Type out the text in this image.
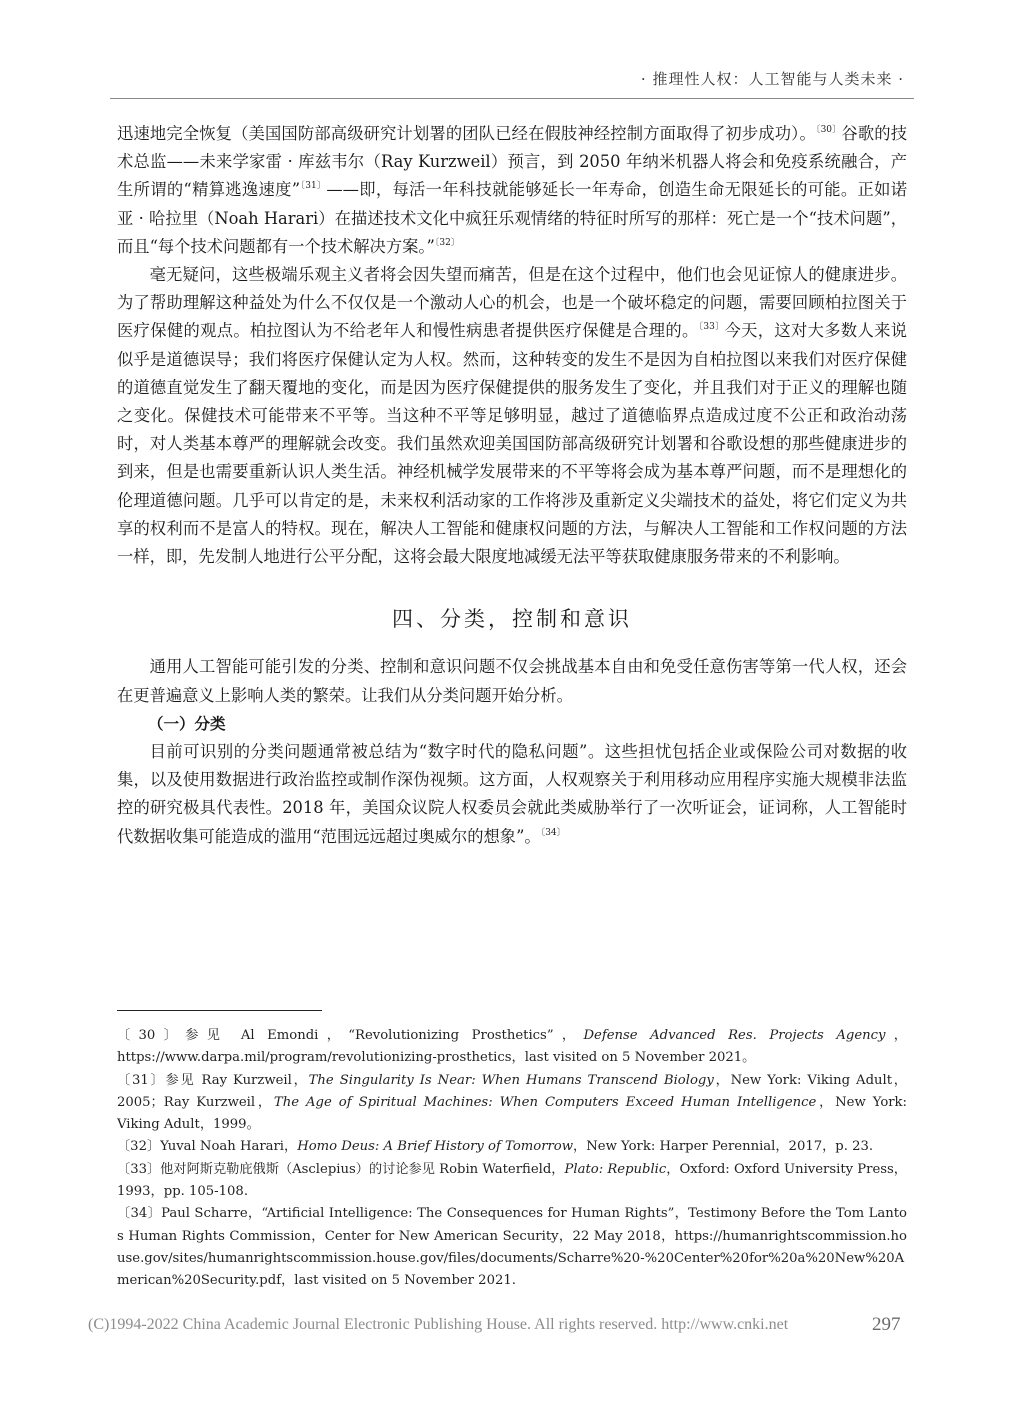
· 推理性人权：人工智能与人类未来 ·

迅速地完全恢复（美国国防部高级研究计划署的团队已经在假肢神经控制方面取得了初步成功）。$^{〔30〕}$谷歌的技术总监——未来学家雷 · 库兹韦尔（Ray Kurzweil）预言，到 2050 年纳米机器人将会和免疫系统融合，产生所谓的“精算逃逸速度”$^{〔31〕}$——即，每活一年科技就能够延长一年寿命，创造生命无限延长的可能。正如诺亚 · 哈拉里（Noah Harari）在描述技术文化中疯狂乐观情绪的特征时所写的那样：死亡是一个“技术问题”，而且“每个技术问题都有一个技术解决方案。”$^{〔32〕}$

毫无疑问，这些极端乐观主义者将会因失望而痛苦，但是在这个过程中，他们也会见证惊人的健康进步。为了帮助理解这种益处为什么不仅仅是一个激动人心的机会，也是一个破坏稳定的问题，需要回顾柏拉图关于医疗保健的观点。柏拉图认为不给老年人和慢性病患者提供医疗保健是合理的。$^{〔33〕}$今天，这对大多数人来说似乎是道德误导；我们将医疗保健认定为人权。然而，这种转变的发生不是因为自柏拉图以来我们对医疗保健的道德直觉发生了翻天覆地的变化，而是因为医疗保健提供的服务发生了变化，并且我们对于正义的理解也随之变化。保健技术可能带来不平等。当这种不平等足够明显，越过了道德临界点造成过度不公正和政治动荡时，对人类基本尊严的理解就会改变。我们虽然欢迎美国国防部高级研究计划署和谷歌设想的那些健康进步的到来，但是也需要重新认识人类生活。神经机械学发展带来的不平等将会成为基本尊严问题，而不是理想化的伦理道德问题。几乎可以肯定的是，未来权利活动家的工作将涉及重新定义尖端技术的益处，将它们定义为共享的权利而不是富人的特权。现在，解决人工智能和健康权问题的方法，与解决人工智能和工作权问题的方法一样，即，先发制人地进行公平分配，这将会最大限度地减缓无法平等获取健康服务带来的不利影响。

四、分类，控制和意识

通用人工智能可能引发的分类、控制和意识问题不仅会挑战基本自由和免受任意伤害等第一代人权，还会在更普遍意义上影响人类的繁荣。让我们从分类问题开始分析。

（一）分类

目前可识别的分类问题通常被总结为“数字时代的隐私问题”。这些担忧包括企业或保险公司对数据的收集，以及使用数据进行政治监控或制作深伪视频。这方面，人权观察关于利用移动应用程序实施大规模非法监控的研究极具代表性。2018 年，美国众议院人权委员会就此类威胁举行了一次听证会，证词称，人工智能时代数据收集可能造成的滥用“范围远远超过奥威尔的想象”。$^{〔34〕}$

〔30〕参见 Al Emondi，“Revolutionizing Prosthetics”，Defense Advanced Res. Projects Agency，https://www.darpa.mil/program/revolutionizing-prosthetics，last visited on 5 November 2021。

〔31〕参见 Ray Kurzweil，The Singularity Is Near: When Humans Transcend Biology，New York: Viking Adult，2005；Ray Kurzweil，The Age of Spiritual Machines: When Computers Exceed Human Intelligence，New York: Viking Adult，1999。

〔32〕Yuval Noah Harari，Homo Deus: A Brief History of Tomorrow，New York: Harper Perennial，2017，p. 23.

〔33〕他对阿斯克勒庇俄斯（Asclepius）的讨论参见 Robin Waterfield，Plato: Republic，Oxford: Oxford University Press，1993，pp. 105-108.

〔34〕Paul Scharre，“Artificial Intelligence: The Consequences for Human Rights”，Testimony Before the Tom Lantos Human Rights Commission，Center for New American Security，22 May 2018，https://humanrightscommission.house.gov/sites/humanrightscommission.house.gov/files/documents/Scharre%20-%20Center%20for%20a%20New%20American%20Security.pdf，last visited on 5 November 2021.

(C)1994-2022 China Academic Journal Electronic Publishing House. All rights reserved. http://www.cnki.net	297
